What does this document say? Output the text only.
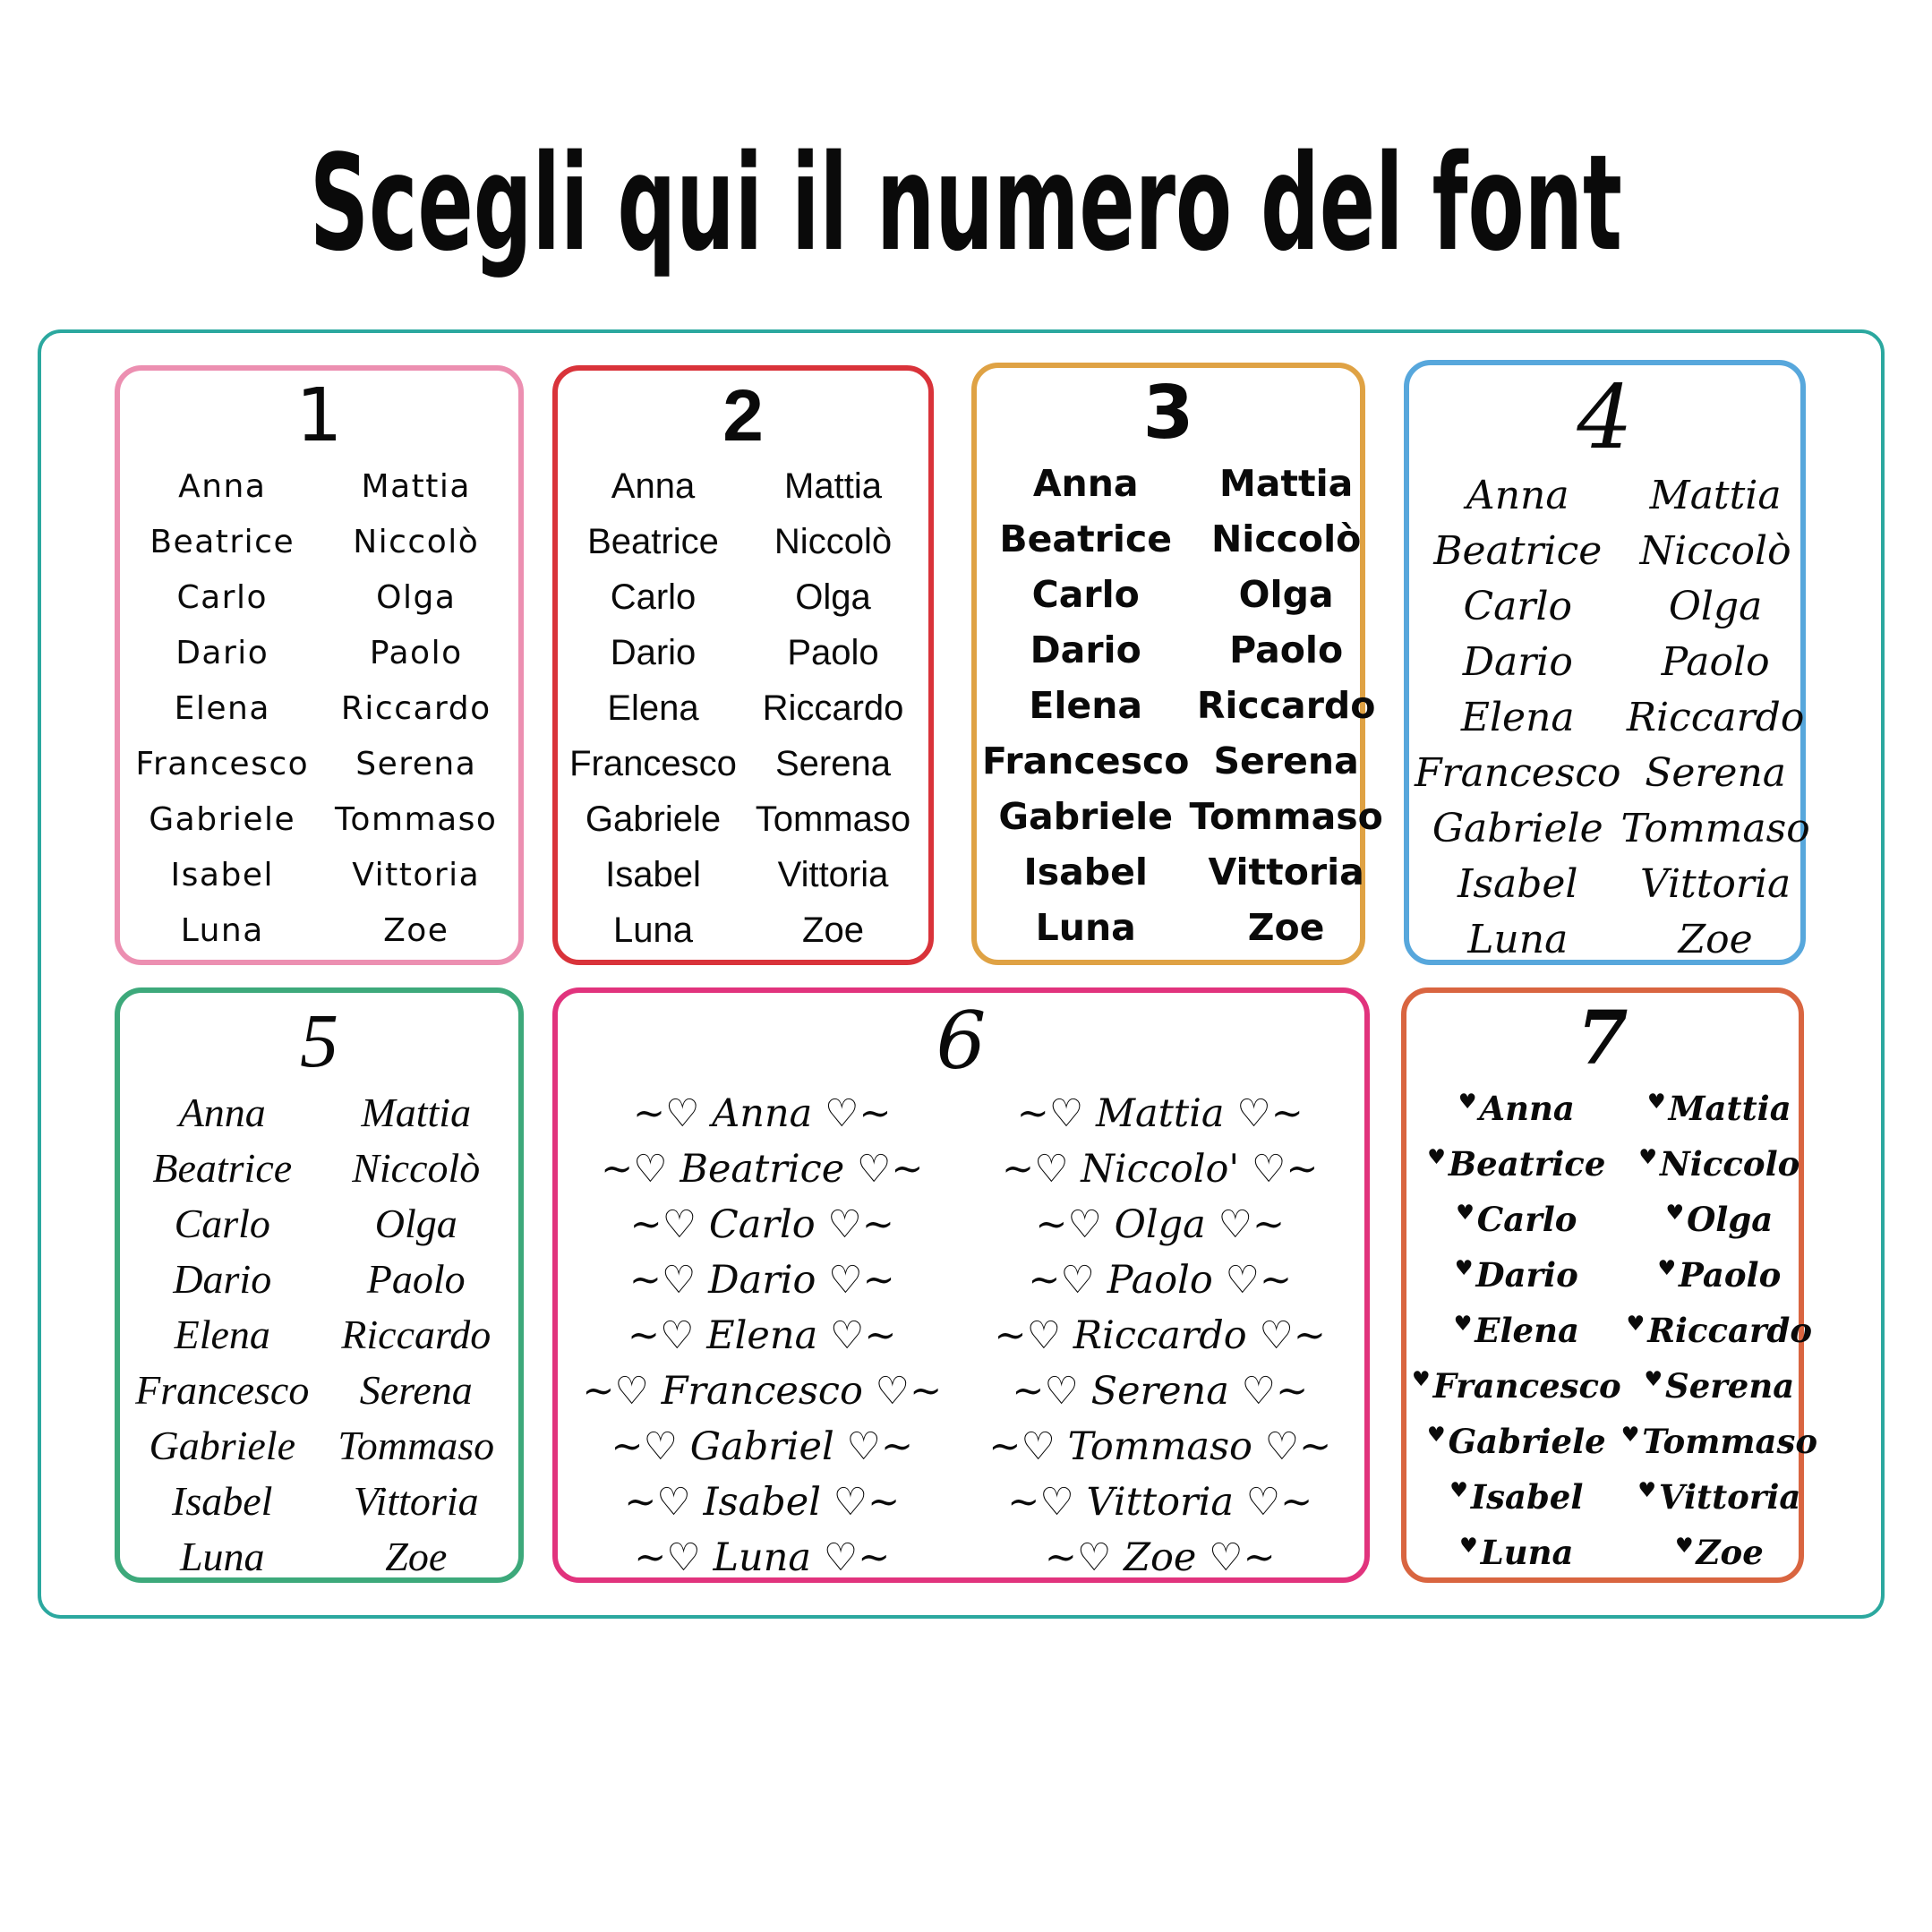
Scegli qui il numero del font
1
Anna
Beatrice
Carlo
Dario
Elena
Francesco
Gabriele
Isabel
Luna
Mattia
Niccolò
Olga
Paolo
Riccardo
Serena
Tommaso
Vittoria
Zoe
2
Anna
Beatrice
Carlo
Dario
Elena
Francesco
Gabriele
Isabel
Luna
Mattia
Niccolò
Olga
Paolo
Riccardo
Serena
Tommaso
Vittoria
Zoe
3
Anna
Beatrice
Carlo
Dario
Elena
Francesco
Gabriele
Isabel
Luna
Mattia
Niccolò
Olga
Paolo
Riccardo
Serena
Tommaso
Vittoria
Zoe
4
Anna
Beatrice
Carlo
Dario
Elena
Francesco
Gabriele
Isabel
Luna
Mattia
Niccolò
Olga
Paolo
Riccardo
Serena
Tommaso
Vittoria
Zoe
5
Anna
Beatrice
Carlo
Dario
Elena
Francesco
Gabriele
Isabel
Luna
Mattia
Niccolò
Olga
Paolo
Riccardo
Serena
Tommaso
Vittoria
Zoe
6
~♡ Anna ♡~
~♡ Beatrice ♡~
~♡ Carlo ♡~
~♡ Dario ♡~
~♡ Elena ♡~
~♡ Francesco ♡~
~♡ Gabriel ♡~
~♡ Isabel ♡~
~♡ Luna ♡~
~♡ Mattia ♡~
~♡ Niccolo' ♡~
~♡ Olga ♡~
~♡ Paolo ♡~
~♡ Riccardo ♡~
~♡ Serena ♡~
~♡ Tommaso ♡~
~♡ Vittoria ♡~
~♡ Zoe ♡~
7
♥ Anna
♥ Beatrice
♥ Carlo
♥ Dario
♥ Elena
♥ Francesco
♥ Gabriele
♥ Isabel
♥ Luna
♥ Mattia
♥ Niccolo
♥ Olga
♥ Paolo
♥ Riccardo
♥ Serena
♥ Tommaso
♥ Vittoria
♥ Zoe
